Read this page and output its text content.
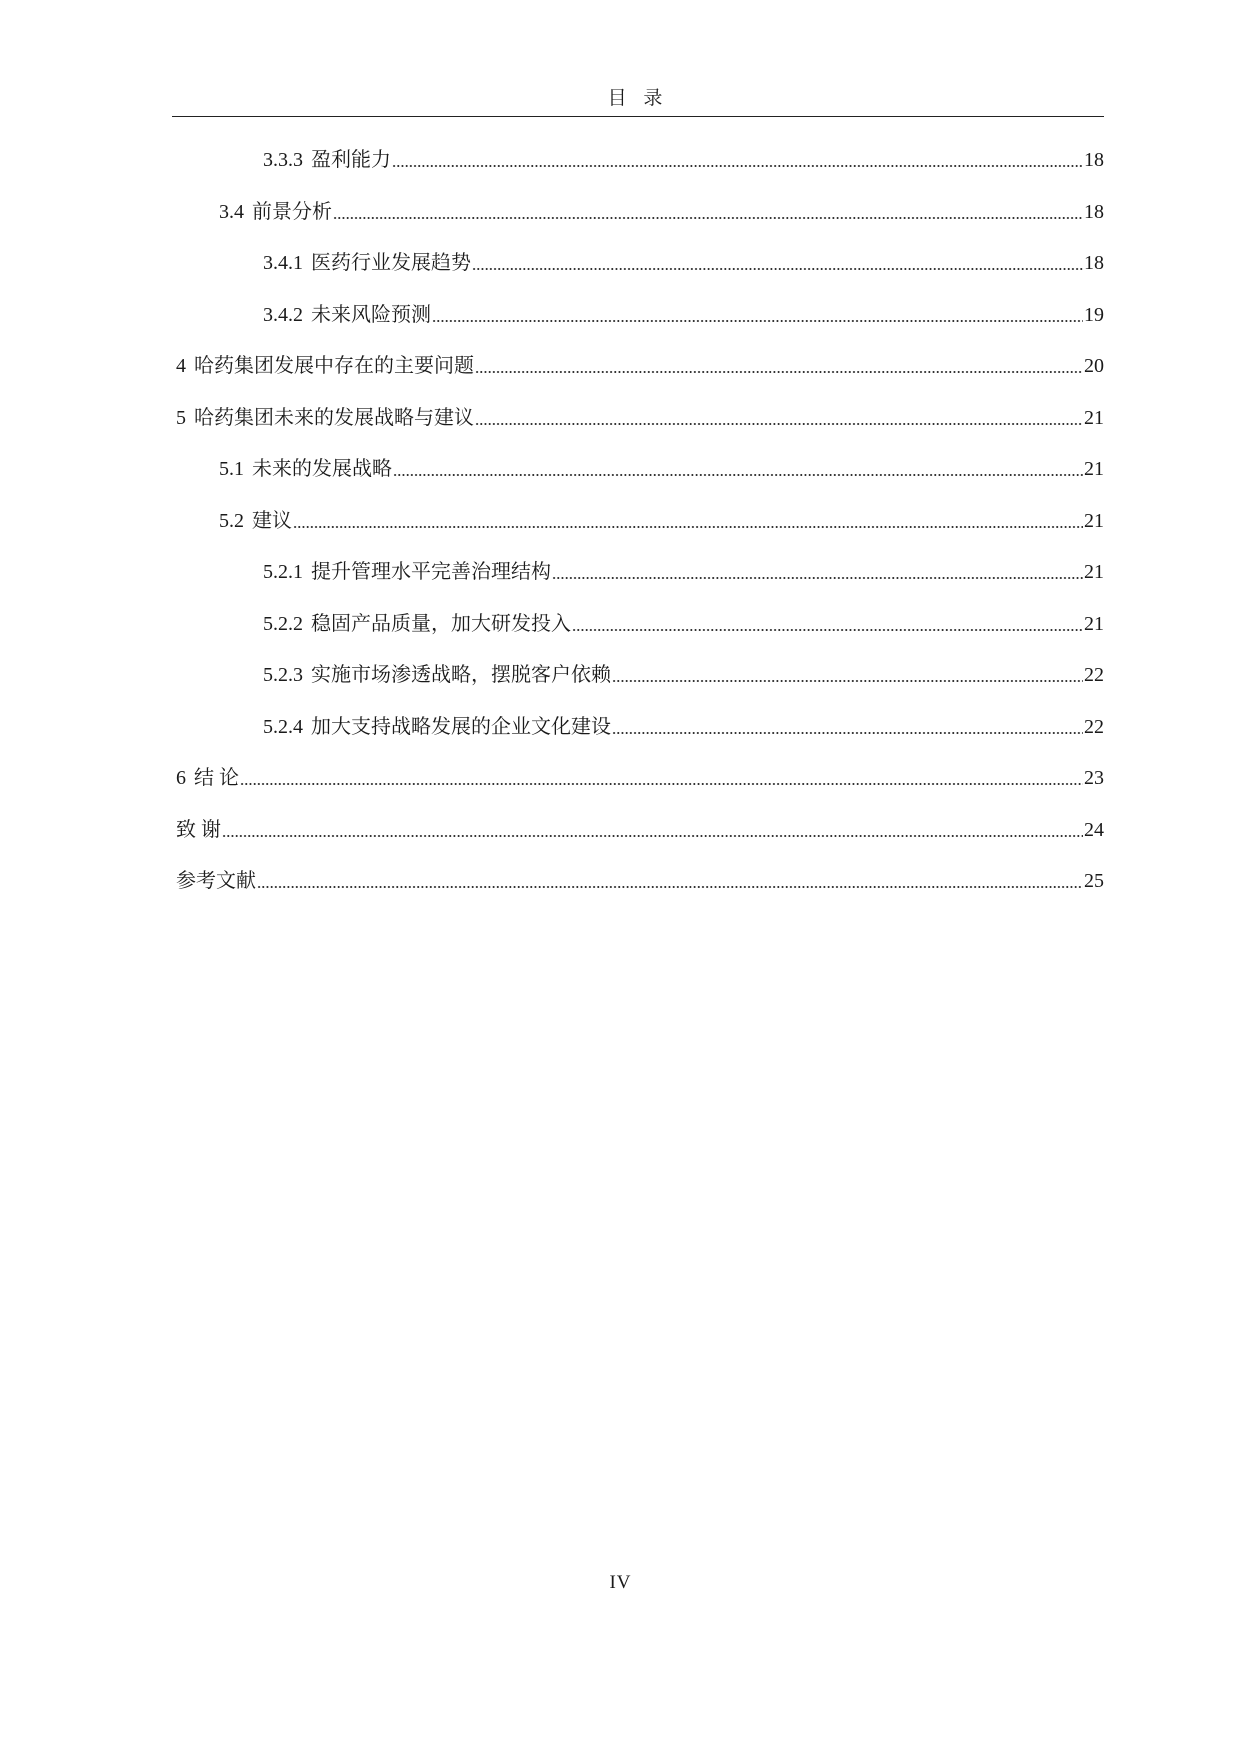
目 录
3.3.3 盈利能力	18
3.4 前景分析	18
3.4.1 医药行业发展趋势	18
3.4.2 未来风险预测	19
4 哈药集团发展中存在的主要问题	20
5 哈药集团未来的发展战略与建议	21
5.1 未来的发展战略	21
5.2 建议	21
5.2.1 提升管理水平完善治理结构	21
5.2.2 稳固产品质量，加大研发投入	21
5.2.3 实施市场渗透战略，摆脱客户依赖	22
5.2.4 加大支持战略发展的企业文化建设	22
6 结 论	23
致 谢	24
参考文献	25
IV
